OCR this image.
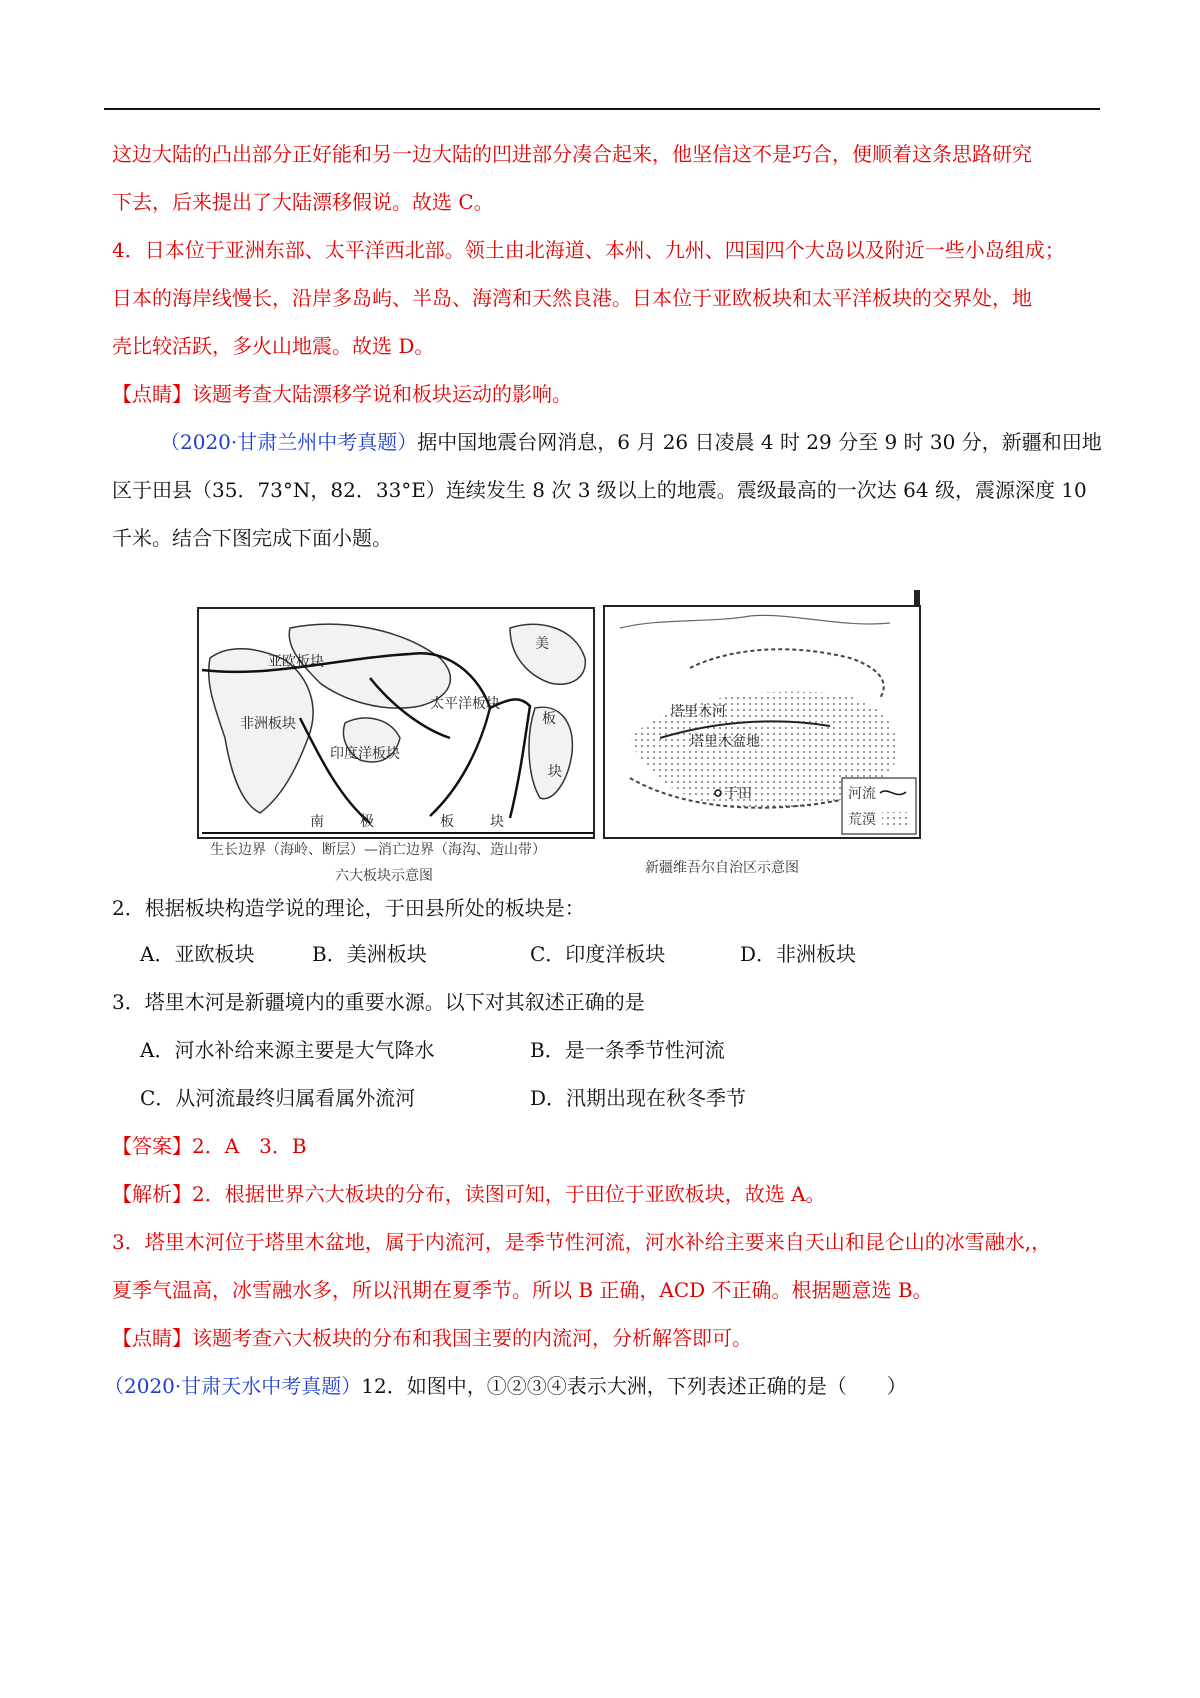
这边大陆的凸出部分正好能和另一边大陆的凹进部分凑合起来，他坚信这不是巧合，便顺着这条思路研究
下去，后来提出了大陆漂移假说。故选 C。
4．日本位于亚洲东部、太平洋西北部。领土由北海道、本州、九州、四国四个大岛以及附近一些小岛组成；
日本的海岸线慢长，沿岸多岛屿、半岛、海湾和天然良港。日本位于亚欧板块和太平洋板块的交界处，地
壳比较活跃，多火山地震。故选 D。
【点睛】该题考查大陆漂移学说和板块运动的影响。
（2020·甘肃兰州中考真题）据中国地震台网消息，6 月 26 日凌晨 4 时 29 分至 9 时 30 分，新疆和田地
区于田县（35．73°N，82．33°E）连续发生 8 次 3 级以上的地震。震级最高的一次达 64 级，震源深度 10
千米。结合下图完成下面小题。
亚欧板块
非洲板块
印度洋板块
太平洋板块
美
板
块
南	极	板	块
生长边界（海岭、断层）—消亡边界（海沟、造山带）
六大板块示意图
塔里木河
塔里木盆地
于田	河流
荒漠
新疆维吾尔自治区示意图
2．根据板块构造学说的理论，于田县所处的板块是：
A．亚欧板块	B．美洲板块	C．印度洋板块	D．非洲板块
3．塔里木河是新疆境内的重要水源。以下对其叙述正确的是
A．河水补给来源主要是大气降水	B．是一条季节性河流
C．从河流最终归属看属外流河	D．汛期出现在秋冬季节
【答案】2．A　3．B
【解析】2．根据世界六大板块的分布，读图可知，于田位于亚欧板块，故选 A。
3．塔里木河位于塔里木盆地，属于内流河，是季节性河流，河水补给主要来自天山和昆仑山的冰雪融水,，
夏季气温高，冰雪融水多，所以汛期在夏季节。所以 B 正确，ACD 不正确。根据题意选 B。
【点睛】该题考查六大板块的分布和我国主要的内流河，分析解答即可。
（2020·甘肃天水中考真题）12．如图中，①②③④表示大洲，下列表述正确的是（　　）
